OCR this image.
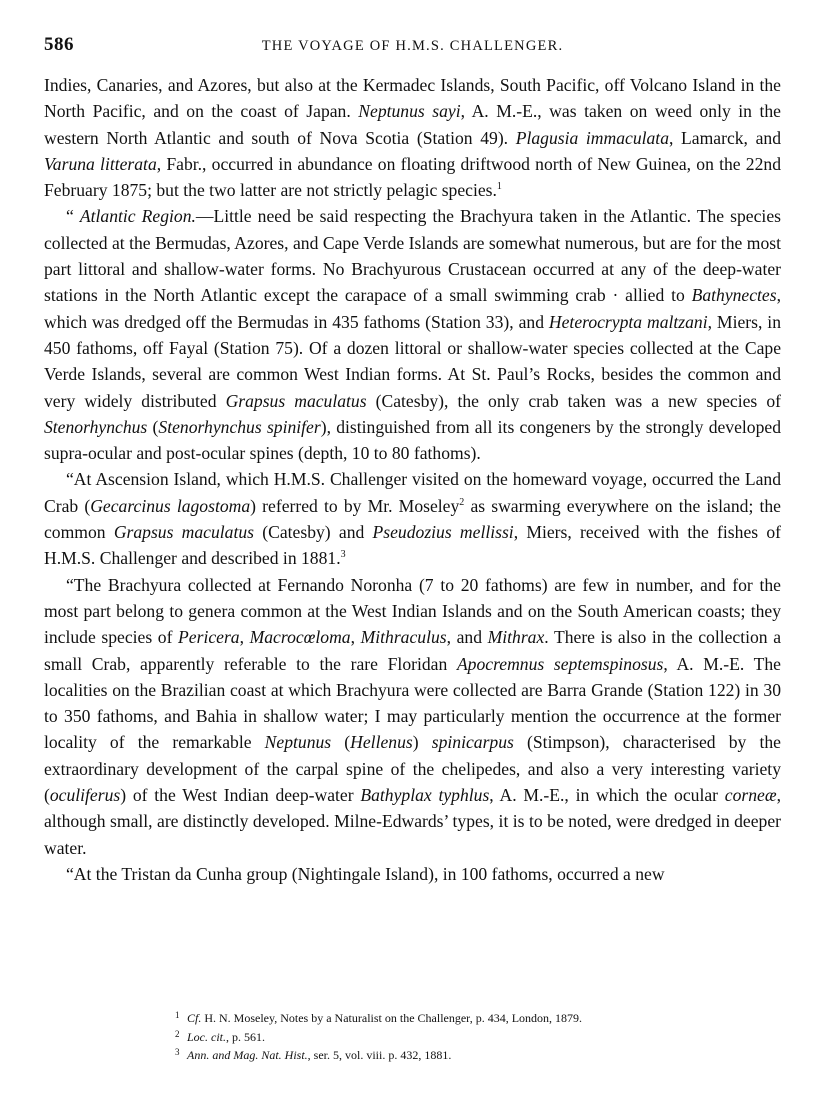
586	THE VOYAGE OF H.M.S. CHALLENGER.

Indies, Canaries, and Azores, but also at the Kermadec Islands, South Pacific, off Volcano Island in the North Pacific, and on the coast of Japan. Neptunus sayi, A. M.-E., was taken on weed only in the western North Atlantic and south of Nova Scotia (Station 49). Plagusia immaculata, Lamarck, and Varuna litterata, Fabr., occurred in abundance on floating driftwood north of New Guinea, on the 22nd February 1875; but the two latter are not strictly pelagic species.$^1$

“ Atlantic Region.—Little need be said respecting the Brachyura taken in the Atlantic. The species collected at the Bermudas, Azores, and Cape Verde Islands are somewhat numerous, but are for the most part littoral and shallow-water forms. No Brachyurous Crustacean occurred at any of the deep-water stations in the North Atlantic except the carapace of a small swimming crab · allied to Bathynectes, which was dredged off the Bermudas in 435 fathoms (Station 33), and Heterocrypta maltzani, Miers, in 450 fathoms, off Fayal (Station 75). Of a dozen littoral or shallow-water species collected at the Cape Verde Islands, several are common West Indian forms. At St. Paul’s Rocks, besides the common and very widely distributed Grapsus maculatus (Catesby), the only crab taken was a new species of Stenorhynchus (Stenorhynchus spinifer), distinguished from all its congeners by the strongly developed supra-ocular and post-ocular spines (depth, 10 to 80 fathoms).

“At Ascension Island, which H.M.S. Challenger visited on the homeward voyage, occurred the Land Crab (Gecarcinus lagostoma) referred to by Mr. Moseley$^2$ as swarming everywhere on the island; the common Grapsus maculatus (Catesby) and Pseudozius mellissi, Miers, received with the fishes of H.M.S. Challenger and described in 1881.$^3$

“The Brachyura collected at Fernando Noronha (7 to 20 fathoms) are few in number, and for the most part belong to genera common at the West Indian Islands and on the South American coasts; they include species of Pericera, Macrocœloma, Mithraculus, and Mithrax. There is also in the collection a small Crab, apparently referable to the rare Floridan Apocremnus septemspinosus, A. M.-E. The localities on the Brazilian coast at which Brachyura were collected are Barra Grande (Station 122) in 30 to 350 fathoms, and Bahia in shallow water; I may particularly mention the occurrence at the former locality of the remarkable Neptunus (Hellenus) spinicarpus (Stimpson), characterised by the extraordinary development of the carpal spine of the chelipedes, and also a very interesting variety (oculiferus) of the West Indian deep-water Bathyplax typhlus, A. M.-E., in which the ocular corneæ, although small, are distinctly developed. Milne-Edwards’ types, it is to be noted, were dredged in deeper water.

“At the Tristan da Cunha group (Nightingale Island), in 100 fathoms, occurred a new

1 Cf. H. N. Moseley, Notes by a Naturalist on the Challenger, p. 434, London, 1879.
2 Loc. cit., p. 561.
3 Ann. and Mag. Nat. Hist., ser. 5, vol. viii. p. 432, 1881.
